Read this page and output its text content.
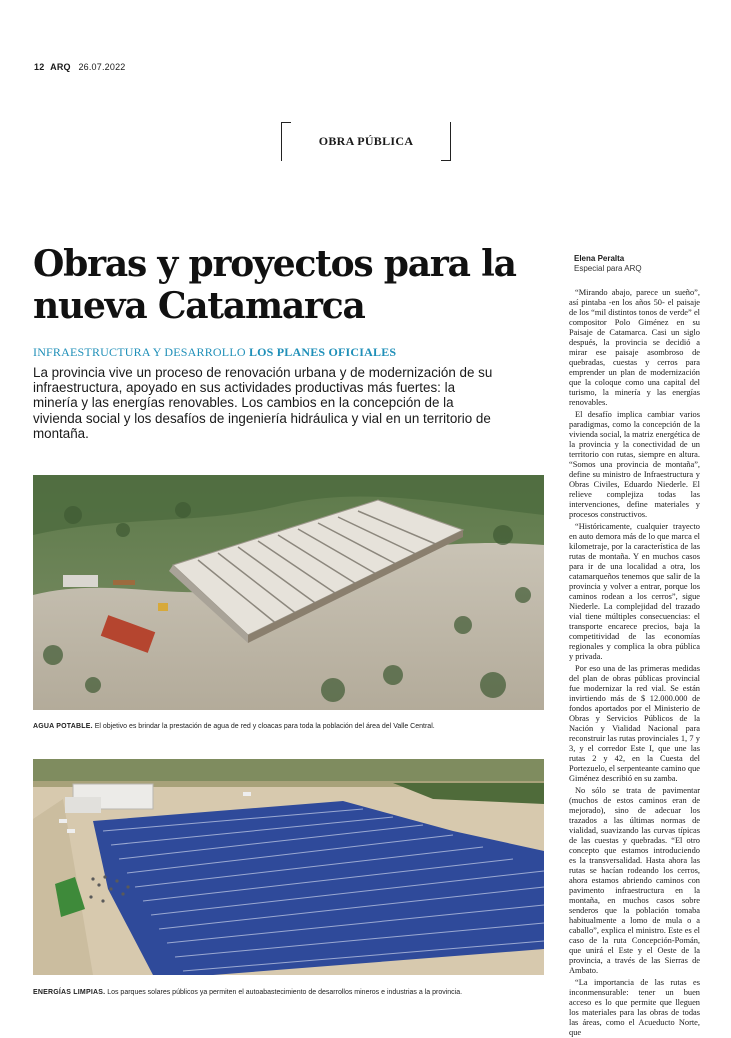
12 ARQ 26.07.2022
OBRA PÚBLICA
Obras y proyectos para la nueva Catamarca
INFRAESTRUCTURA Y DESARROLLO LOS PLANES OFICIALES

La provincia vive un proceso de renovación urbana y de modernización de su infraestructura, apoyado en sus actividades productivas más fuertes: la minería y las energías renovables. Los cambios en la concepción de la vivienda social y los desafíos de ingeniería hidráulica y vial en un territorio de montaña.

AGUA POTABLE. El objetivo es brindar la prestación de agua de red y cloacas para toda la población del área del Valle Central.
ENERGÍAS LIMPIAS. Los parques solares públicos ya permiten el autoabastecimiento de desarrollos mineros e industrias a la provincia.
Elena Peralta
Especial para ARQ

“Mirando abajo, parece un sueño”, así pintaba -en los años 50- el paisaje de los “mil distintos tonos de verde” el compositor Polo Giménez en su Paisaje de Catamarca. Casi un siglo después, la provincia se decidió a mirar ese paisaje asombroso de quebradas, cuestas y cerros para emprender un plan de modernización que la coloque como una capital del turismo, la minería y las energías renovables.

El desafío implica cambiar varios paradigmas, como la concepción de la vivienda social, la matriz energética de la provincia y la conectividad de un territorio con rutas, siempre en altura. “Somos una provincia de montaña”, define su ministro de Infraestructura y Obras Civiles, Eduardo Niederle. El relieve complejiza todas las intervenciones, define materiales y procesos constructivos.

“Históricamente, cualquier trayecto en auto demora más de lo que marca el kilometraje, por la característica de las rutas de montaña. Y en muchos casos para ir de una localidad a otra, los catamarqueños tenemos que salir de la provincia y volver a entrar, porque los caminos rodean a los cerros”, sigue Niederle. La complejidad del trazado vial tiene múltiples consecuencias: el transporte encarece precios, baja la competitividad de las economías regionales y complica la obra pública y privada.

Por eso una de las primeras medidas del plan de obras públicas provincial fue modernizar la red vial. Se están invirtiendo más de $ 12.000.000 de fondos aportados por el Ministerio de Obras y Servicios Públicos de la Nación y Vialidad Nacional para reconstruir las rutas provinciales 1, 7 y 3, y el corredor Este I, que une las rutas 2 y 42, en la Cuesta del Portezuelo, el serpenteante camino que Giménez describió en su zamba.

No sólo se trata de pavimentar (muchos de estos caminos eran de mejorado), sino de adecuar los trazados a las últimas normas de vialidad, suavizando las curvas típicas de las cuestas y quebradas. “El otro concepto que estamos introduciendo es la transversalidad. Hasta ahora las rutas se hacían rodeando los cerros, ahora estamos abriendo caminos con pavimento infraestructura en la montaña, en muchos casos sobre senderos que la población tomaba habitualmente a lomo de mula o a caballo”, explica el ministro. Este es el caso de la ruta Concepción-Pomán, que unirá el Este y el Oeste de la provincia, a través de las Sierras de Ambato.

“La importancia de las rutas es inconmensurable: tener un buen acceso es lo que permite que lleguen los materiales para las obras de todas las áreas, como el Acueducto Norte, que
